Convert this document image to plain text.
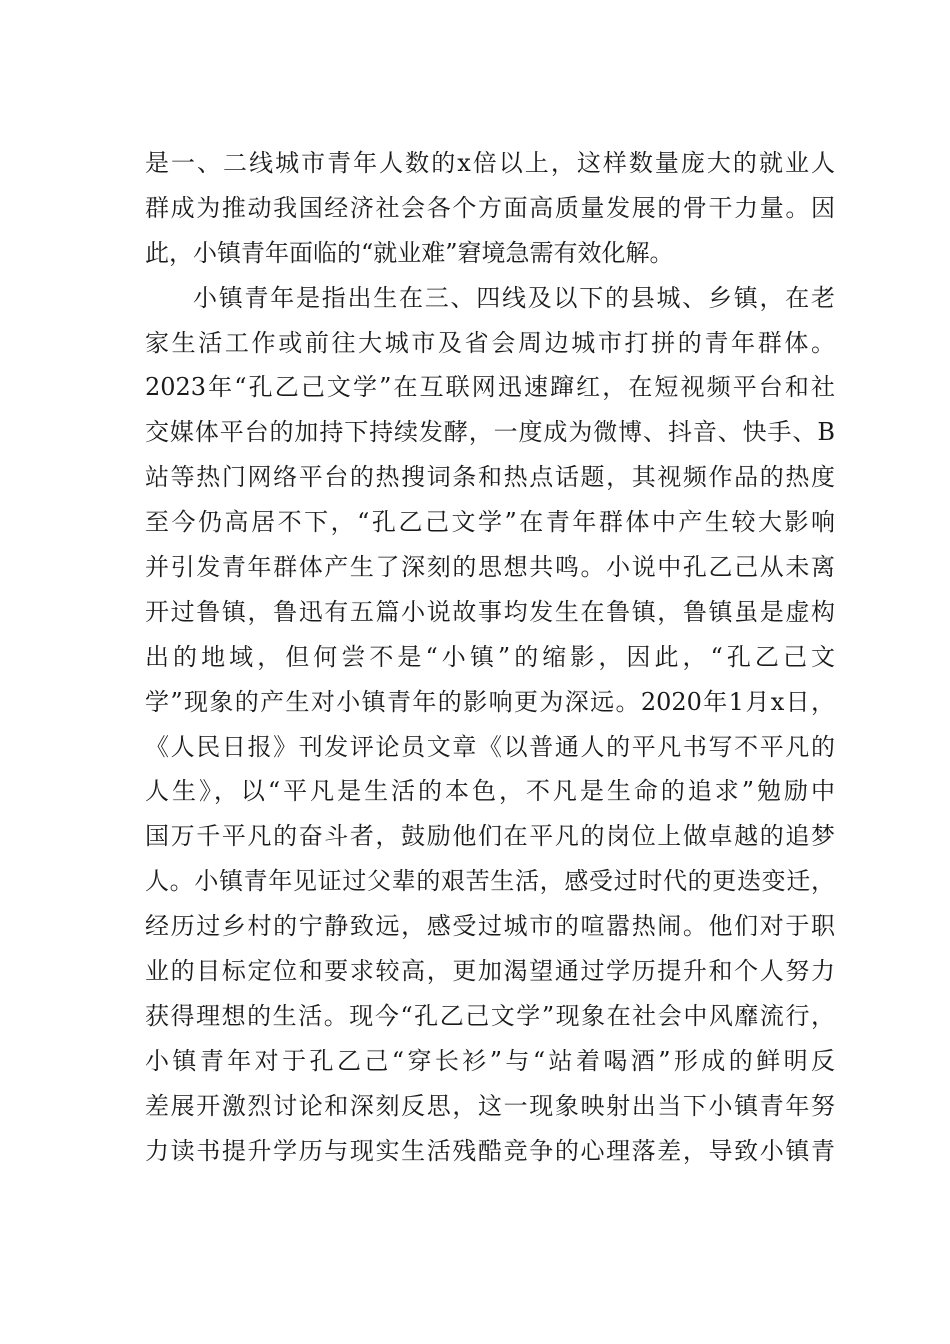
是一、二线城市青年人数的x倍以上，这样数量庞大的就业人
群成为推动我国经济社会各个方面高质量发展的骨干力量。因
此，小镇青年面临的“就业难”窘境急需有效化解。
小镇青年是指出生在三、四线及以下的县城、乡镇，在老
家生活工作或前往大城市及省会周边城市打拼的青年群体。
2023年“孔乙己文学”在互联网迅速蹿红，在短视频平台和社
交媒体平台的加持下持续发酵，一度成为微博、抖音、快手、B
站等热门网络平台的热搜词条和热点话题，其视频作品的热度
至今仍高居不下，“孔乙己文学”在青年群体中产生较大影响
并引发青年群体产生了深刻的思想共鸣。小说中孔乙己从未离
开过鲁镇，鲁迅有五篇小说故事均发生在鲁镇，鲁镇虽是虚构
出的地域，但何尝不是“小镇”的缩影，因此，“孔乙己文
学”现象的产生对小镇青年的影响更为深远。2020年1月x日，
《人民日报》刊发评论员文章《以普通人的平凡书写不平凡的
人生》，以“平凡是生活的本色，不凡是生命的追求”勉励中
国万千平凡的奋斗者，鼓励他们在平凡的岗位上做卓越的追梦
人。小镇青年见证过父辈的艰苦生活，感受过时代的更迭变迁，
经历过乡村的宁静致远，感受过城市的喧嚣热闹。他们对于职
业的目标定位和要求较高，更加渴望通过学历提升和个人努力
获得理想的生活。现今“孔乙己文学”现象在社会中风靡流行，
小镇青年对于孔乙己“穿长衫”与“站着喝酒”形成的鲜明反
差展开激烈讨论和深刻反思，这一现象映射出当下小镇青年努
力读书提升学历与现实生活残酷竞争的心理落差，导致小镇青
